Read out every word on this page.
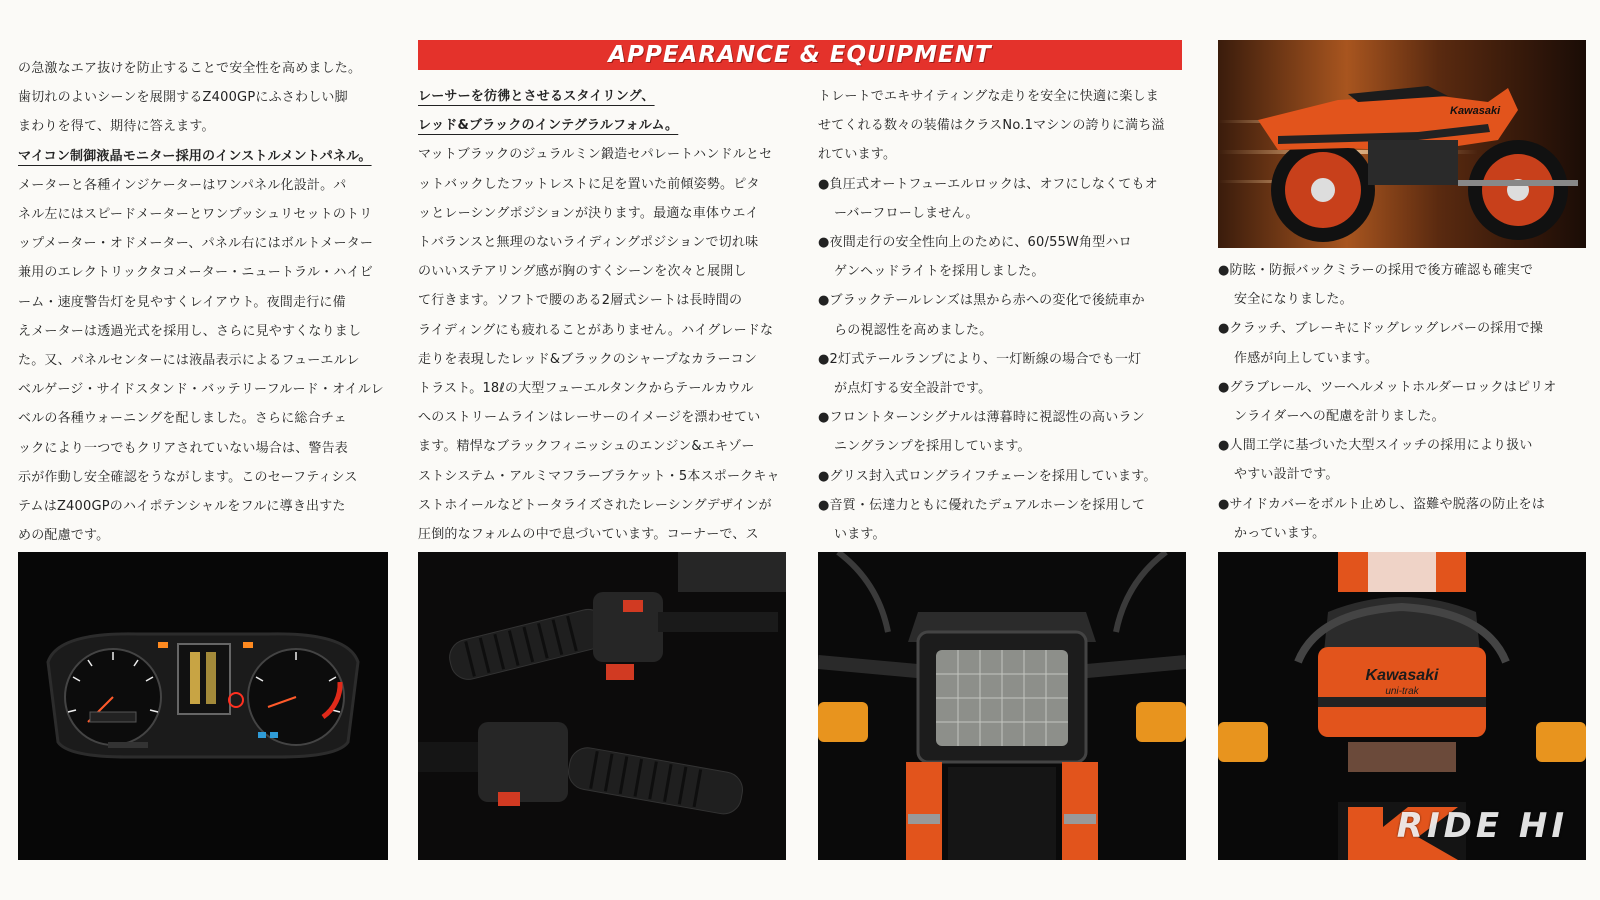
APPEARANCE & EQUIPMENT

の急激なエア抜けを防止することで安全性を高めました。

歯切れのよいシーンを展開するZ400GPにふさわしい脚

まわりを得て、期待に答えます。

マイコン制御液晶モニター採用のインストルメントパネル。

メーターと各種インジケーターはワンパネル化設計。パ

ネル左にはスピードメーターとワンプッシュリセットのトリ

ップメーター・オドメーター、パネル右にはボルトメーター

兼用のエレクトリックタコメーター・ニュートラル・ハイビ

ーム・速度警告灯を見やすくレイアウト。夜間走行に備

えメーターは透過光式を採用し、さらに見やすくなりまし

た。又、パネルセンターには液晶表示によるフューエルレ

ベルゲージ・サイドスタンド・バッテリーフルード・オイルレ

ベルの各種ウォーニングを配しました。さらに総合チェ

ックにより一つでもクリアされていない場合は、警告表

示が作動し安全確認をうながします。このセーフティシス

テムはZ400GPのハイポテンシャルをフルに導き出すた

めの配慮です。

レーサーを彷彿とさせるスタイリング、

レッド&ブラックのインテグラルフォルム。

マットブラックのジュラルミン鍛造セパレートハンドルとセ

ットバックしたフットレストに足を置いた前傾姿勢。ピタ

ッとレーシングポジションが決ります。最適な車体ウエイ

トバランスと無理のないライディングポジションで切れ味

のいいステアリング感が胸のすくシーンを次々と展開し

て行きます。ソフトで腰のある2層式シートは長時間の

ライディングにも疲れることがありません。ハイグレードな

走りを表現したレッド&ブラックのシャープなカラーコン

トラスト。18ℓの大型フューエルタンクからテールカウル

へのストリームラインはレーサーのイメージを漂わせてい

ます。精悍なブラックフィニッシュのエンジン&エキゾー

ストシステム・アルミマフラーブラケット・5本スポークキャ

ストホイールなどトータライズされたレーシングデザインが

圧倒的なフォルムの中で息づいています。コーナーで、ス

トレートでエキサイティングな走りを安全に快適に楽しま

せてくれる数々の装備はクラスNo.1マシンの誇りに満ち溢

れています。

●負圧式オートフューエルロックは、オフにしなくてもオ

ーバーフローしません。

●夜間走行の安全性向上のために、60/55W角型ハロ

ゲンヘッドライトを採用しました。

●ブラックテールレンズは黒から赤への変化で後続車か

らの視認性を高めました。

●2灯式テールランプにより、一灯断線の場合でも一灯

が点灯する安全設計です。

●フロントターンシグナルは薄暮時に視認性の高いラン

ニングランプを採用しています。

●グリス封入式ロングライフチェーンを採用しています。

●音質・伝達力ともに優れたデュアルホーンを採用して

います。

●防眩・防振バックミラーの採用で後方確認も確実で

安全になりました。

●クラッチ、ブレーキにドッグレッグレバーの採用で操

作感が向上しています。

●グラブレール、ツーヘルメットホルダーロックはピリオ

ンライダーへの配慮を計りました。

●人間工学に基づいた大型スイッチの採用により扱い

やすい設計です。

●サイドカバーをボルト止めし、盗難や脱落の防止をは

かっています。

Kawasaki
Kawasaki
uni-trak
RIDE HI
